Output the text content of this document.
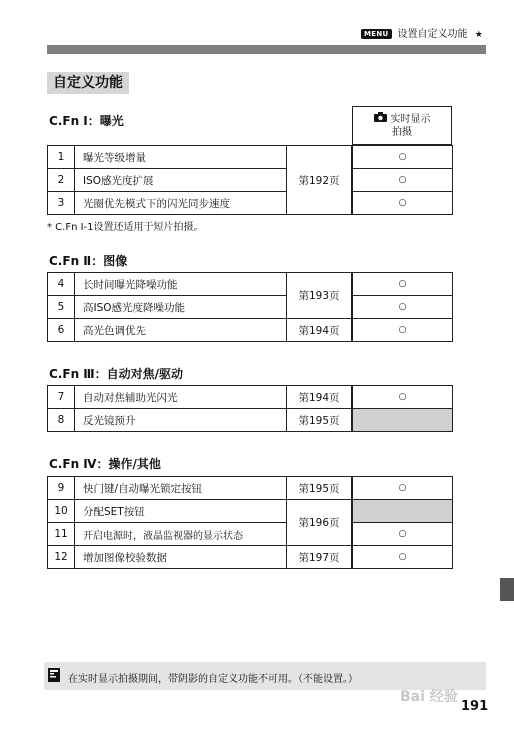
MENU 设置自定义功能 ★
自定义功能
C.Fn Ⅰ：曝光	实时显示
拍摄
1	曝光等级增量	第192页		○
2	ISO感光度扩展		○
3	光圈优先模式下的闪光同步速度		○
* C.Fn Ⅰ-1设置还适用于短片拍摄。
C.Fn Ⅱ：图像
4	长时间曝光降噪功能	第193页		○
5	高ISO感光度降噪功能		○
6	高光色调优先	第194页	○
C.Fn Ⅲ：自动对焦/驱动
7	自动对焦辅助光闪光	第194页		○
8	反光镜预升	第195页	
C.Fn Ⅳ：操作/其他
9	快门键/自动曝光锁定按钮	第195页		○
10	分配SET按钮	第196页	
11	开启电源时，液晶监视器的显示状态		○
12	增加图像校验数据	第197页	○
在实时显示拍摄期间，带阴影的自定义功能不可用。（不能设置。）
Bai 经验
191
